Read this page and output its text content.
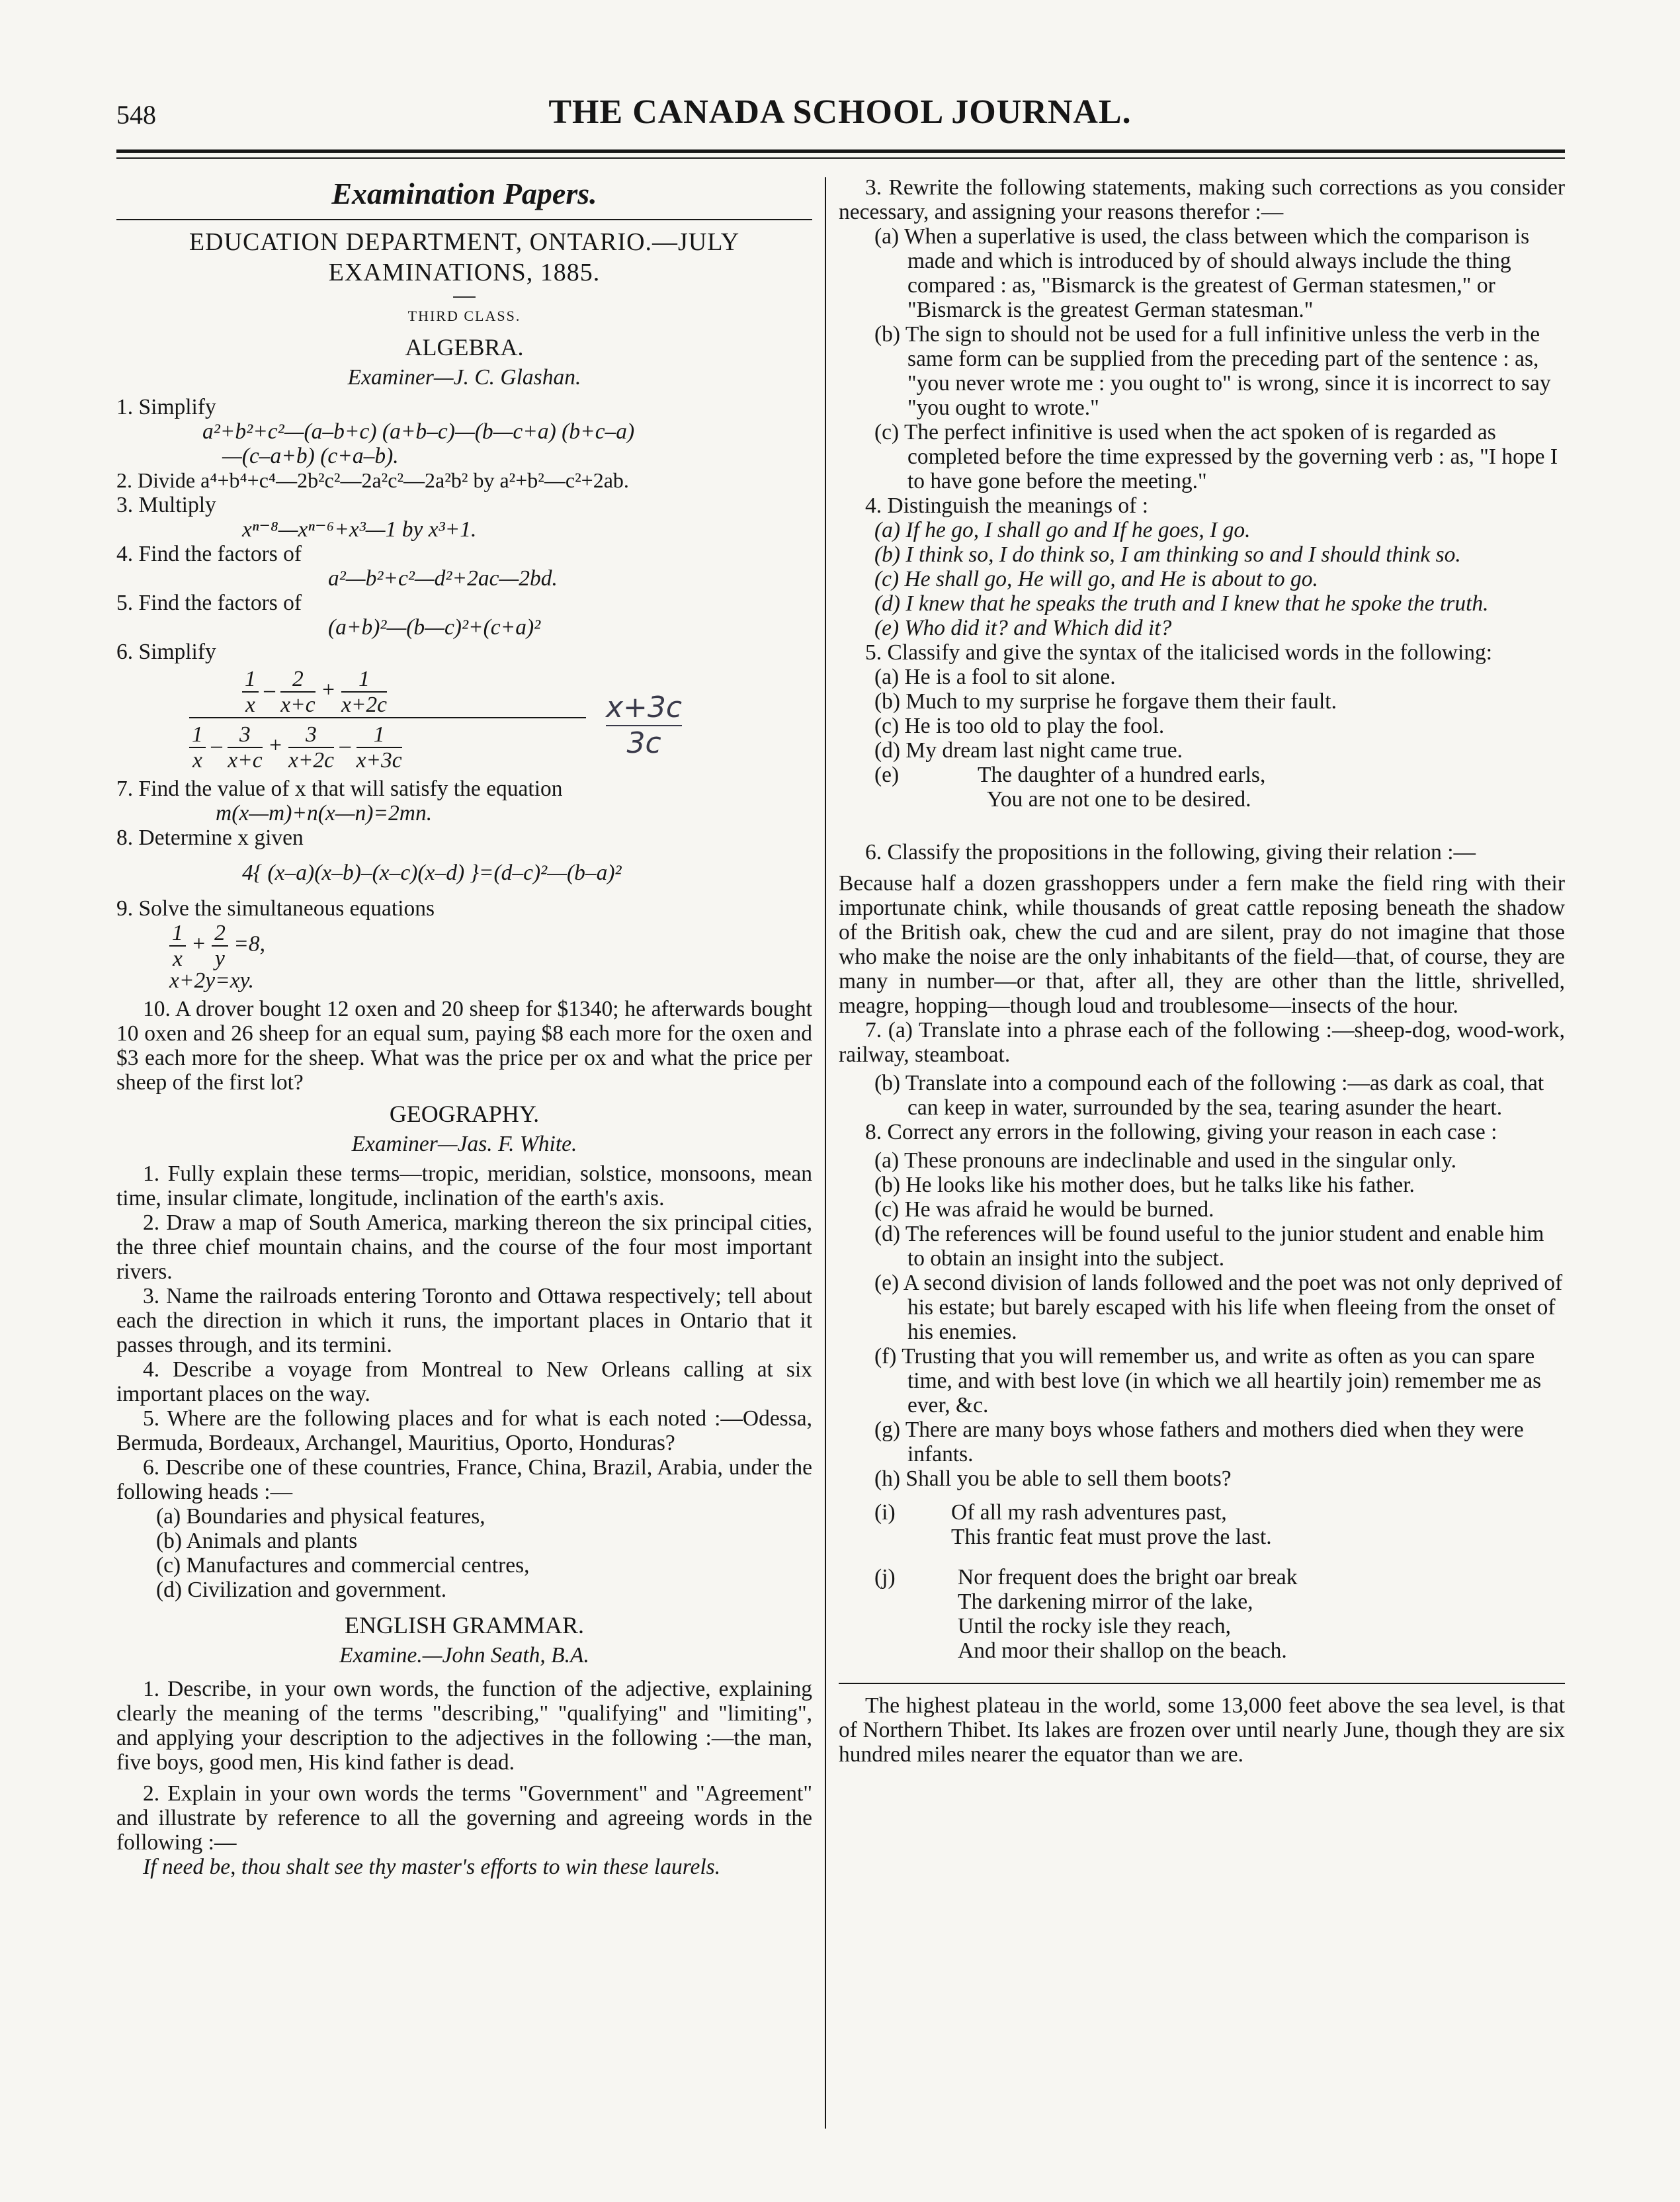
548	THE CANADA SCHOOL JOURNAL.
Examination Papers.
EDUCATION DEPARTMENT, ONTARIO.—JULY
EXAMINATIONS, 1885.
—
THIRD CLASS.
ALGEBRA.
Examiner—J. C. Glashan.
1. Simplify
a²+b²+c²—(a–b+c) (a+b–c)—(b—c+a) (b+c–a)
—(c–a+b) (c+a–b).
2. Divide a⁴+b⁴+c⁴—2b²c²—2a²c²—2a²b² by a²+b²—c²+2ab.
3. Multiply
xⁿ⁻⁸—xⁿ⁻⁶+x³—1 by x³+1.
4. Find the factors of
a²—b²+c²—d²+2ac—2bd.
5. Find the factors of
(a+b)²—(b—c)²+(c+a)²
6. Simplify
$\frac{1}{x} - \frac{2}{x+c} + \frac{1}{x+2c}$
$\frac{1}{x} - \frac{3}{x+c} + \frac{3}{x+2c} - \frac{1}{x+3c}$
x+3c
3c
7. Find the value of x that will satisfy the equation
m(x—m)+n(x—n)=2mn.
8. Determine x given
4{ (x–a)(x–b)–(x–c)(x–d) }=(d–c)²—(b–a)²
9. Solve the simultaneous equations
$\frac{1}{x} + \frac{2}{y} =8$,
x+2y=xy.

10. A drover bought 12 oxen and 20 sheep for $1340; he afterwards bought 10 oxen and 26 sheep for an equal sum, paying $8 each more for the oxen and $3 each more for the sheep. What was the price per ox and what the price per sheep of the first lot?

GEOGRAPHY.
Examiner—Jas. F. White.

1. Fully explain these terms—tropic, meridian, solstice, monsoons, mean time, insular climate, longitude, inclination of the earth's axis.

2. Draw a map of South America, marking thereon the six principal cities, the three chief mountain chains, and the course of the four most important rivers.

3. Name the railroads entering Toronto and Ottawa respectively; tell about each the direction in which it runs, the important places in Ontario that it passes through, and its termini.

4. Describe a voyage from Montreal to New Orleans calling at six important places on the way.

5. Where are the following places and for what is each noted :—Odessa, Bermuda, Bordeaux, Archangel, Mauritius, Oporto, Honduras?

6. Describe one of these countries, France, China, Brazil, Arabia, under the following heads :—

(a) Boundaries and physical features,
(b) Animals and plants
(c) Manufactures and commercial centres,
(d) Civilization and government.
ENGLISH GRAMMAR.
Examine.—John Seath, B.A.

1. Describe, in your own words, the function of the adjective, explaining clearly the meaning of the terms "describing," "qualifying" and "limiting", and applying your description to the adjectives in the following :—the man, five boys, good men, His kind father is dead.

2. Explain in your own words the terms "Government" and "Agreement" and illustrate by reference to all the governing and agreeing words in the following :—

If need be, thou shalt see thy master's efforts to win these laurels.

3. Rewrite the following statements, making such corrections as you consider necessary, and assigning your reasons therefor :—

(a) When a superlative is used, the class between which the comparison is made and which is introduced by of should always include the thing compared : as, "Bismarck is the greatest of German statesmen," or "Bismarck is the greatest German statesman."

(b) The sign to should not be used for a full infinitive unless the verb in the same form can be supplied from the preceding part of the sentence : as, "you never wrote me : you ought to" is wrong, since it is incorrect to say "you ought to wrote."

(c) The perfect infinitive is used when the act spoken of is regarded as completed before the time expressed by the governing verb : as, "I hope I to have gone before the meeting."

4. Distinguish the meanings of :

(a) If he go, I shall go and If he goes, I go.

(b) I think so, I do think so, I am thinking so and I should think so.

(c) He shall go, He will go, and He is about to go.

(d) I knew that he speaks the truth and I knew that he spoke the truth.

(e) Who did it? and Which did it?

5. Classify and give the syntax of the italicised words in the following:

(a) He is a fool to sit alone.

(b) Much to my surprise he forgave them their fault.

(c) He is too old to play the fool.

(d) My dream last night came true.

(e)	The daughter of a hundred earls,
You are not one to be desired.

6. Classify the propositions in the following, giving their relation :—

Because half a dozen grasshoppers under a fern make the field ring with their importunate chink, while thousands of great cattle reposing beneath the shadow of the British oak, chew the cud and are silent, pray do not imagine that those who make the noise are the only inhabitants of the field—that, of course, they are many in number—or that, after all, they are other than the little, shrivelled, meagre, hopping—though loud and troublesome—insects of the hour.

7. (a) Translate into a phrase each of the following :—sheep-dog, wood-work, railway, steamboat.

(b) Translate into a compound each of the following :—as dark as coal, that can keep in water, surrounded by the sea, tearing asunder the heart.

8. Correct any errors in the following, giving your reason in each case :

(a) These pronouns are indeclinable and used in the singular only.

(b) He looks like his mother does, but he talks like his father.

(c) He was afraid he would be burned.

(d) The references will be found useful to the junior student and enable him to obtain an insight into the subject.

(e) A second division of lands followed and the poet was not only deprived of his estate; but barely escaped with his life when fleeing from the onset of his enemies.

(f) Trusting that you will remember us, and write as often as you can spare time, and with best love (in which we all heartily join) remember me as ever, &c.

(g) There are many boys whose fathers and mothers died when they were infants.

(h) Shall you be able to sell them boots?

(i)	Of all my rash adventures past,
This frantic feat must prove the last.
(j)	Nor frequent does the bright oar break
The darkening mirror of the lake,
Until the rocky isle they reach,
And moor their shallop on the beach.

The highest plateau in the world, some 13,000 feet above the sea level, is that of Northern Thibet. Its lakes are frozen over until nearly June, though they are six hundred miles nearer the equator than we are.
